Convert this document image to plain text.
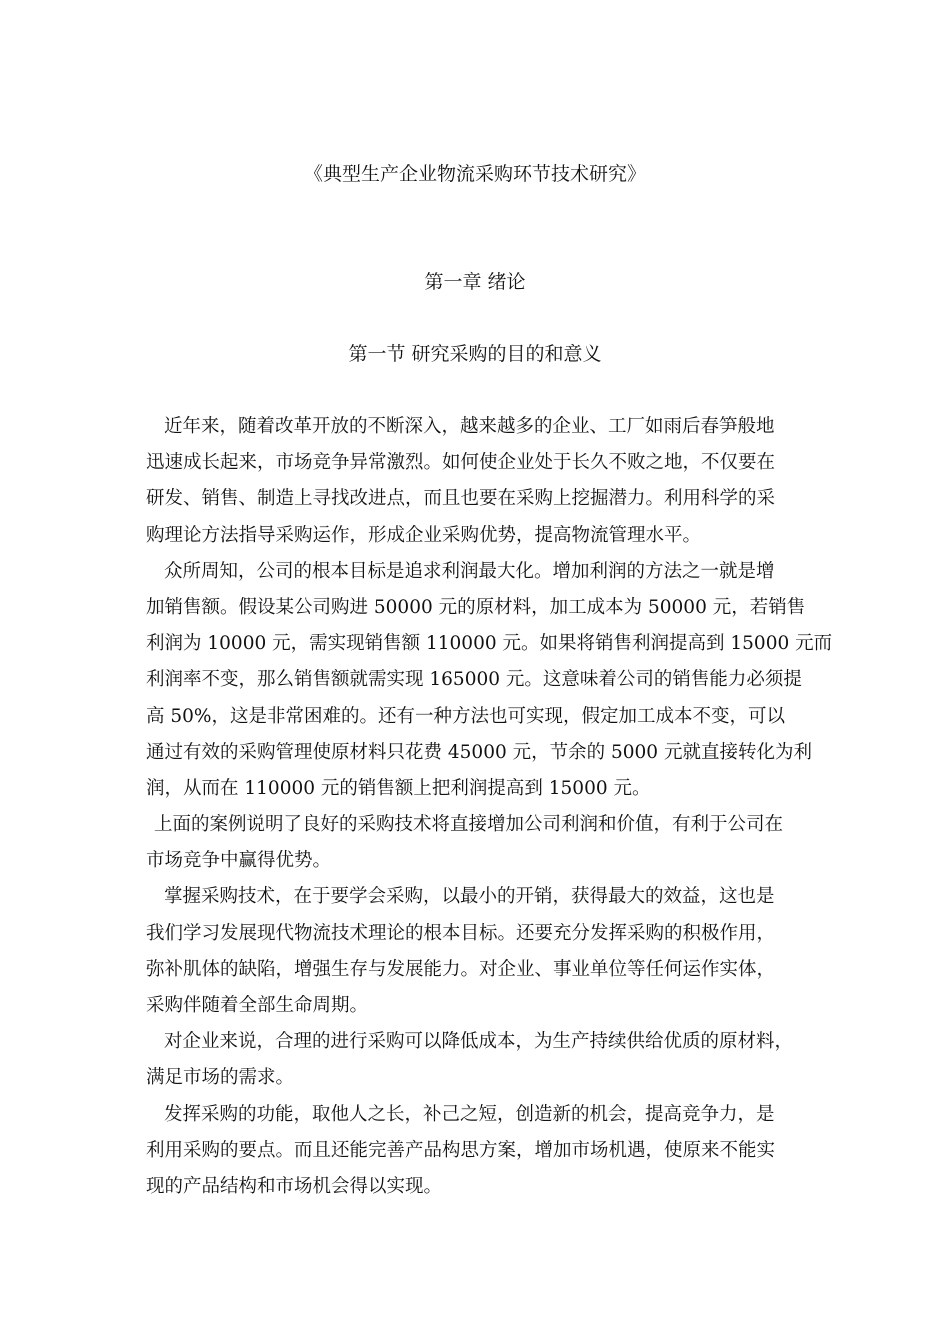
《典型生产企业物流采购环节技术研究》
第一章 绪论
第一节 研究采购的目的和意义

近年来，随着改革开放的不断深入，越来越多的企业、工厂如雨后春笋般地
迅速成长起来，市场竞争异常激烈。如何使企业处于长久不败之地，不仅要在
研发、销售、制造上寻找改进点，而且也要在采购上挖掘潜力。利用科学的采
购理论方法指导采购运作，形成企业采购优势，提高物流管理水平。

众所周知，公司的根本目标是追求利润最大化。增加利润的方法之一就是增
加销售额。假设某公司购进 50000 元的原材料，加工成本为 50000 元，若销售
利润为 10000 元，需实现销售额 110000 元。如果将销售利润提高到 15000 元而
利润率不变，那么销售额就需实现 165000 元。这意味着公司的销售能力必须提
高 50%，这是非常困难的。还有一种方法也可实现，假定加工成本不变，可以
通过有效的采购管理使原材料只花费 45000 元，节余的 5000 元就直接转化为利
润，从而在 110000 元的销售额上把利润提高到 15000 元。

上面的案例说明了良好的采购技术将直接增加公司利润和价值，有利于公司在
市场竞争中赢得优势。

掌握采购技术，在于要学会采购，以最小的开销，获得最大的效益，这也是
我们学习发展现代物流技术理论的根本目标。还要充分发挥采购的积极作用，
弥补肌体的缺陷，增强生存与发展能力。对企业、事业单位等任何运作实体，
采购伴随着全部生命周期。

对企业来说，合理的进行采购可以降低成本，为生产持续供给优质的原材料，
满足市场的需求。

发挥采购的功能，取他人之长，补己之短，创造新的机会，提高竞争力，是
利用采购的要点。而且还能完善产品构思方案，增加市场机遇，使原来不能实
现的产品结构和市场机会得以实现。
